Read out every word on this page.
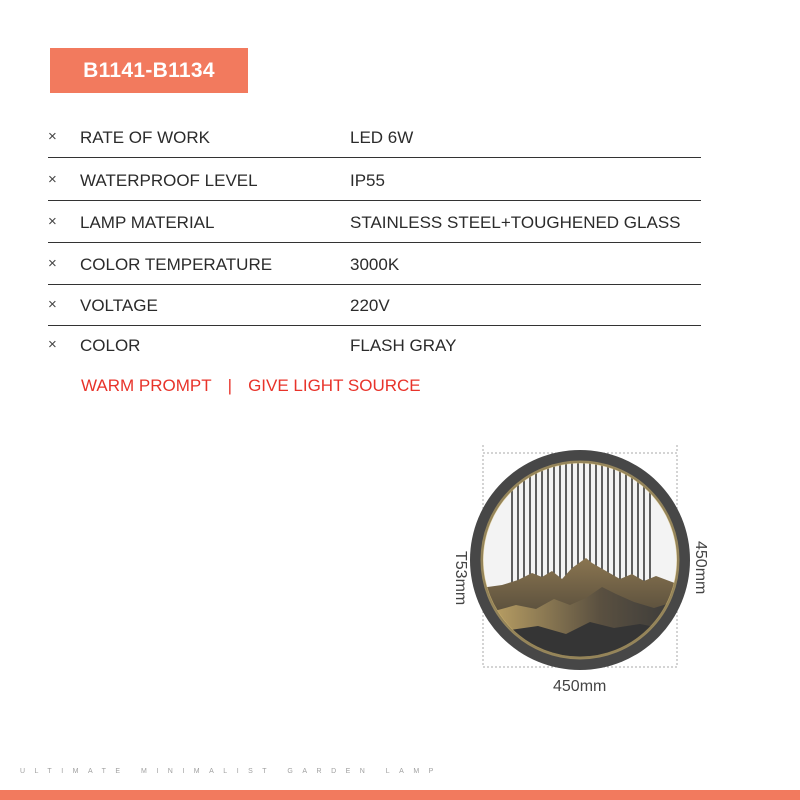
B1141-B1134
× RATE OF WORK	LED 6W
× WATERPROOF LEVEL	IP55
× LAMP MATERIAL	STAINLESS STEEL+TOUGHENED GLASS
× COLOR TEMPERATURE	3000K
× VOLTAGE	220V
× COLOR	FLASH GRAY
WARM PROMPT | GIVE LIGHT SOURCE
T53mm	450mm
450mm
ULTIMATE MINIMALIST GARDEN LAMP
